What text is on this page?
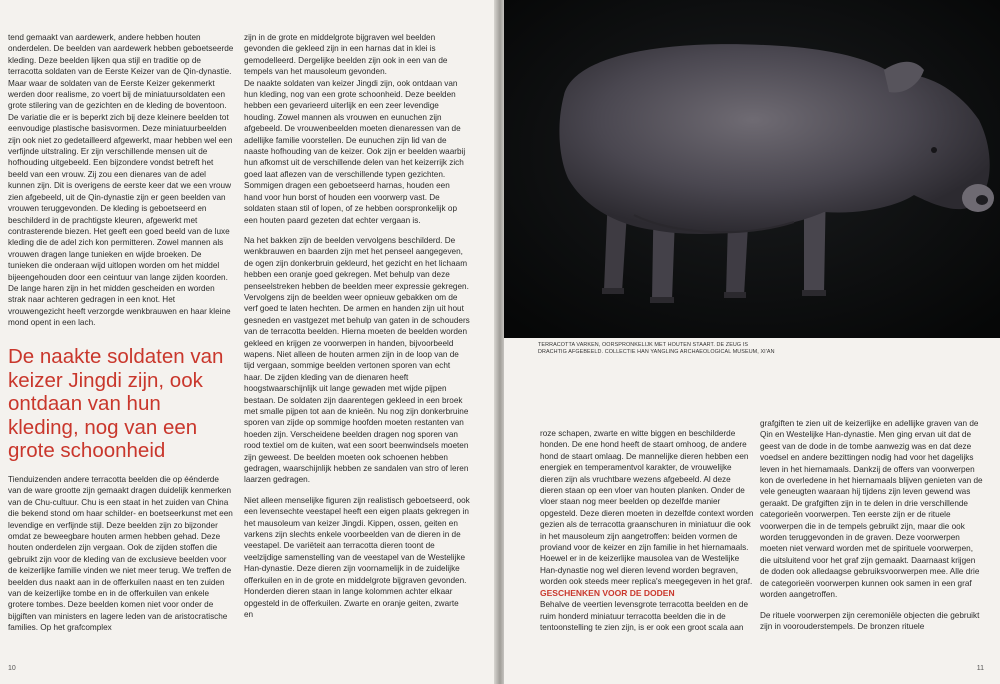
tend gemaakt van aardewerk, andere hebben houten onderdelen. De beelden van aardewerk hebben geboetseerde kleding. Deze beelden lijken qua stijl en traditie op de terracotta soldaten van de Eerste Keizer van de Qin-dynastie. Maar waar de soldaten van de Eerste Keizer gekenmerkt werden door realisme, zo voert bij de miniatuursoldaten een grote stilering van de gezichten en de kleding de boventoon. De variatie die er is beperkt zich bij deze kleinere beelden tot eenvoudige plastische basisvormen. Deze miniatuurbeelden zijn ook niet zo gedetailleerd afgewerkt, maar hebben wel een verfijnde uitstraling. Er zijn verschillende mensen uit de hofhouding uitgebeeld. Een bijzondere vondst betreft het beeld van een vrouw. Zij zou een dienares van de adel kunnen zijn. Dit is overigens de eerste keer dat we een vrouw zien afgebeeld, uit de Qin-dynastie zijn er geen beelden van vrouwen teruggevonden. De kleding is geboetseerd en beschilderd in de prachtigste kleuren, afgewerkt met contrasterende biezen. Het geeft een goed beeld van de luxe kleding die de adel zich kon permitteren. Zowel mannen als vrouwen dragen lange tunieken en wijde broeken. De tunieken die onderaan wijd uitlopen worden om het middel bijeengehouden door een ceintuur van lange zijden koorden. De lange haren zijn in het midden gescheiden en worden strak naar achteren gedragen in een knot. Het vrouwengezicht heeft verzorgde wenkbrauwen en haar kleine mond opent in een lach.

De naakte soldaten van keizer Jingdi zijn, ook ontdaan van hun kleding, nog van een grote schoonheid

Tienduizenden andere terracotta beelden die op éénderde van de ware grootte zijn gemaakt dragen duidelijk kenmerken van de Chu-cultuur. Chu is een staat in het zuiden van China die bekend stond om haar schilder- en boetseerkunst met een levendige en verfijnde stijl. Deze beelden zijn zo bijzonder omdat ze beweegbare houten armen hebben gehad. Deze houten onderdelen zijn vergaan. Ook de zijden stoffen die gebruikt zijn voor de kleding van de exclusieve beelden voor de keizerlijke familie vinden we niet meer terug. We treffen de beelden dus naakt aan in de offerkuilen naast en ten zuiden van de keizerlijke tombe en in de offerkuilen van enkele grotere tombes. Deze beelden komen niet voor onder de bijgiften van ministers en lagere leden van de aristocratische families. Op het grafcomplex

zijn in de grote en middelgrote bijgraven wel beelden gevonden die gekleed zijn in een harnas dat in klei is gemodelleerd. Dergelijke beelden zijn ook in een van de tempels van het mausoleum gevonden.

De naakte soldaten van keizer Jingdi zijn, ook ontdaan van hun kleding, nog van een grote schoonheid. Deze beelden hebben een gevarieerd uiterlijk en een zeer levendige houding. Zowel mannen als vrouwen en eunuchen zijn afgebeeld. De vrouwenbeelden moeten dienaressen van de adellijke familie voorstellen. De eunuchen zijn lid van de naaste hofhouding van de keizer. Ook zijn er beelden waarbij hun afkomst uit de verschillende delen van het keizerrijk zich goed laat aflezen van de verschillende typen gezichten. Sommigen dragen een geboetseerd harnas, houden een hand voor hun borst of houden een voorwerp vast. De soldaten staan stil of lopen, of ze hebben oorspronkelijk op een houten paard gezeten dat echter vergaan is.

Na het bakken zijn de beelden vervolgens beschilderd. De wenkbrauwen en baarden zijn met het penseel aangegeven, de ogen zijn donkerbruin gekleurd, het gezicht en het lichaam hebben een oranje goed gekregen. Met behulp van deze penseelstreken hebben de beelden meer expressie gekregen. Vervolgens zijn de beelden weer opnieuw gebakken om de verf goed te laten hechten. De armen en handen zijn uit hout gesneden en vastgezet met behulp van gaten in de schouders van de terracotta beelden. Hierna moeten de beelden worden gekleed en krijgen ze voorwerpen in handen, bijvoorbeeld wapens. Niet alleen de houten armen zijn in de loop van de tijd vergaan, sommige beelden vertonen sporen van echt haar. De zijden kleding van de dienaren heeft hoogstwaarschijnlijk uit lange gewaden met wijde pijpen bestaan. De soldaten zijn daarentegen gekleed in een broek met smalle pijpen tot aan de knieën. Nu nog zijn donkerbruine sporen van zijde op sommige hoofden moeten restanten van hoeden zijn. Verscheidene beelden dragen nog sporen van rood textiel om de kuiten, wat een soort beenwindsels moeten zijn geweest. De beelden moeten ook schoenen hebben gedragen, waarschijnlijk hebben ze sandalen van stro of leren laarzen gedragen.

Niet alleen menselijke figuren zijn realistisch geboetseerd, ook een levensechte veestapel heeft een eigen plaats gekregen in het mausoleum van keizer Jingdi. Kippen, ossen, geiten en varkens zijn slechts enkele voorbeelden van de dieren in de veestapel. De variëteit aan terracotta dieren toont de veelzijdige samenstelling van de veestapel van de Westelijke Han-dynastie. Deze dieren zijn voornamelijk in de zuidelijke offerkuilen en in de grote en middelgrote bijgraven gevonden. Honderden dieren staan in lange kolommen achter elkaar opgesteld in de offerkuilen. Zwarte en oranje geiten, zwarte en

10

roze schapen, zwarte en witte biggen en beschilderde honden. De ene hond heeft de staart omhoog, de andere hond de staart omlaag. De mannelijke dieren hebben een energiek en temperamentvol karakter, de vrouwelijke dieren zijn als vruchtbare wezens afgebeeld. Al deze dieren staan op een vloer van houten planken. Onder de vloer staan nog meer beelden op dezelfde manier opgesteld. Deze dieren moeten in dezelfde context worden gezien als de terracotta graanschuren in miniatuur die ook in het mausoleum zijn aangetroffen: beiden vormen de proviand voor de keizer en zijn familie in het hiernamaals. Hoewel er in de keizerlijke mausolea van de Westelijke Han-dynastie nog wel dieren levend worden begraven, worden ook steeds meer replica's meegegeven in het graf.

GESCHENKEN VOOR DE DODEN

Behalve de veertien levensgrote terracotta beelden en de ruim honderd miniatuur terracotta beelden die in de tentoonstelling te zien zijn, is er ook een groot scala aan

grafgiften te zien uit de keizerlijke en adellijke graven van de Qin en Westelijke Han-dynastie. Men ging ervan uit dat de geest van de dode in de tombe aanwezig was en dat deze voedsel en andere bezittingen nodig had voor het dagelijks leven in het hiernamaals. Dankzij de offers van voorwerpen kon de overledene in het hiernamaals blijven genieten van de vele geneugten waaraan hij tijdens zijn leven gewend was geraakt. De grafgiften zijn in te delen in drie verschillende categorieën voorwerpen. Ten eerste zijn er de rituele voorwerpen die in de tempels gebruikt zijn, maar die ook worden teruggevonden in de graven. Deze voorwerpen moeten niet verward worden met de spirituele voorwerpen, die uitsluitend voor het graf zijn gemaakt. Daarnaast krijgen de doden ook alledaagse gebruiksvoorwerpen mee. Alle drie de categorieën voorwerpen kunnen ook samen in een graf worden aangetroffen.

De rituele voorwerpen zijn ceremoniële objecten die gebruikt zijn in voorouderstempels. De bronzen rituele

11
TERRACOTTA VARKEN, OORSPRONKELIJK MET HOUTEN STAART. DE ZEUG IS DRACHTIG AFGEBEELD. COLLECTIE HAN YANGLING ARCHAEOLOGICAL MUSEUM, XI'AN
